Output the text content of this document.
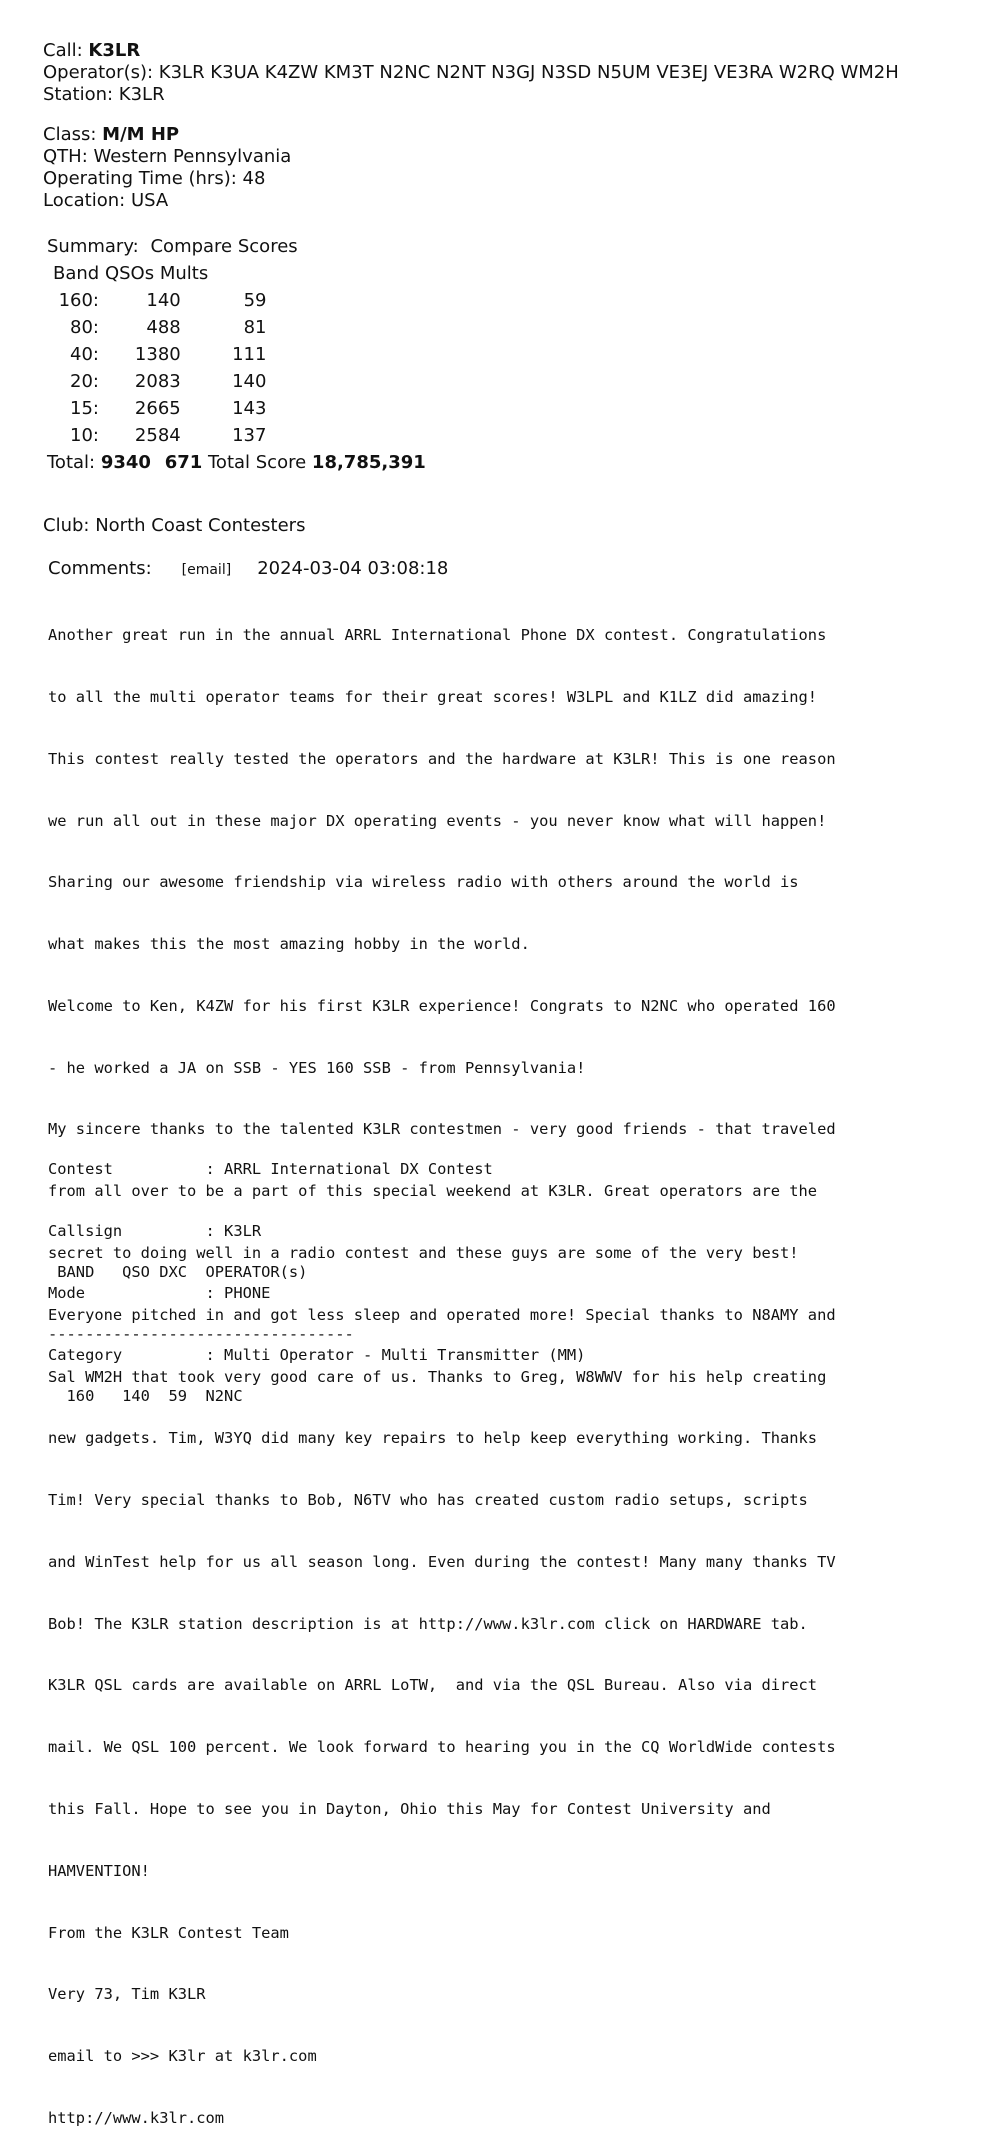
Call: K3LR
Operator(s): K3LR K3UA K4ZW KM3T N2NC N2NT N3GJ N3SD N5UM VE3EJ VE3RA W2RQ WM2H
Station: K3LR
Class: M/M HP
QTH: Western Pennsylvania
Operating Time (hrs): 48
Location: USA
Summary: Compare Scores
Band QSOs Mults
160:	140	59
80:	488	81
40: 1380	111
20: 2083	140
15: 2665	143
10: 2584	137
Total: 9340 671 Total Score 18,785,391
Club: North Coast Contesters
Comments: [email] 2024-03-04 03:08:18

Another great run in the annual ARRL International Phone DX contest. Congratulations

to all the multi operator teams for their great scores! W3LPL and K1LZ did amazing!

This contest really tested the operators and the hardware at K3LR! This is one reason

we run all out in these major DX operating events - you never know what will happen!

Sharing our awesome friendship via wireless radio with others around the world is

what makes this the most amazing hobby in the world.

Welcome to Ken, K4ZW for his first K3LR experience! Congrats to N2NC who operated 160

- he worked a JA on SSB - YES 160 SSB - from Pennsylvania!

My sincere thanks to the talented K3LR contestmen - very good friends - that traveled

from all over to be a part of this special weekend at K3LR. Great operators are the

secret to doing well in a radio contest and these guys are some of the very best!

Everyone pitched in and got less sleep and operated more! Special thanks to N8AMY and

Sal WM2H that took very good care of us. Thanks to Greg, W8WWV for his help creating

new gadgets. Tim, W3YQ did many key repairs to help keep everything working. Thanks

Tim! Very special thanks to Bob, N6TV who has created custom radio setups, scripts

and WinTest help for us all season long. Even during the contest! Many many thanks TV

Bob! The K3LR station description is at http://www.k3lr.com click on HARDWARE tab.

K3LR QSL cards are available on ARRL LoTW,  and via the QSL Bureau. Also via direct

mail. We QSL 100 percent. We look forward to hearing you in the CQ WorldWide contests

this Fall. Hope to see you in Dayton, Ohio this May for Contest University and

HAMVENTION!

From the K3LR Contest Team

Very 73, Tim K3LR

email to >>> K3lr at k3lr.com

http://www.k3lr.com

Contest          : ARRL International DX Contest

Callsign         : K3LR

Mode             : PHONE

Category         : Multi Operator - Multi Transmitter (MM)

BAND   QSO DXC  OPERATOR(s)

---------------------------------

160   140  59  N2NC
